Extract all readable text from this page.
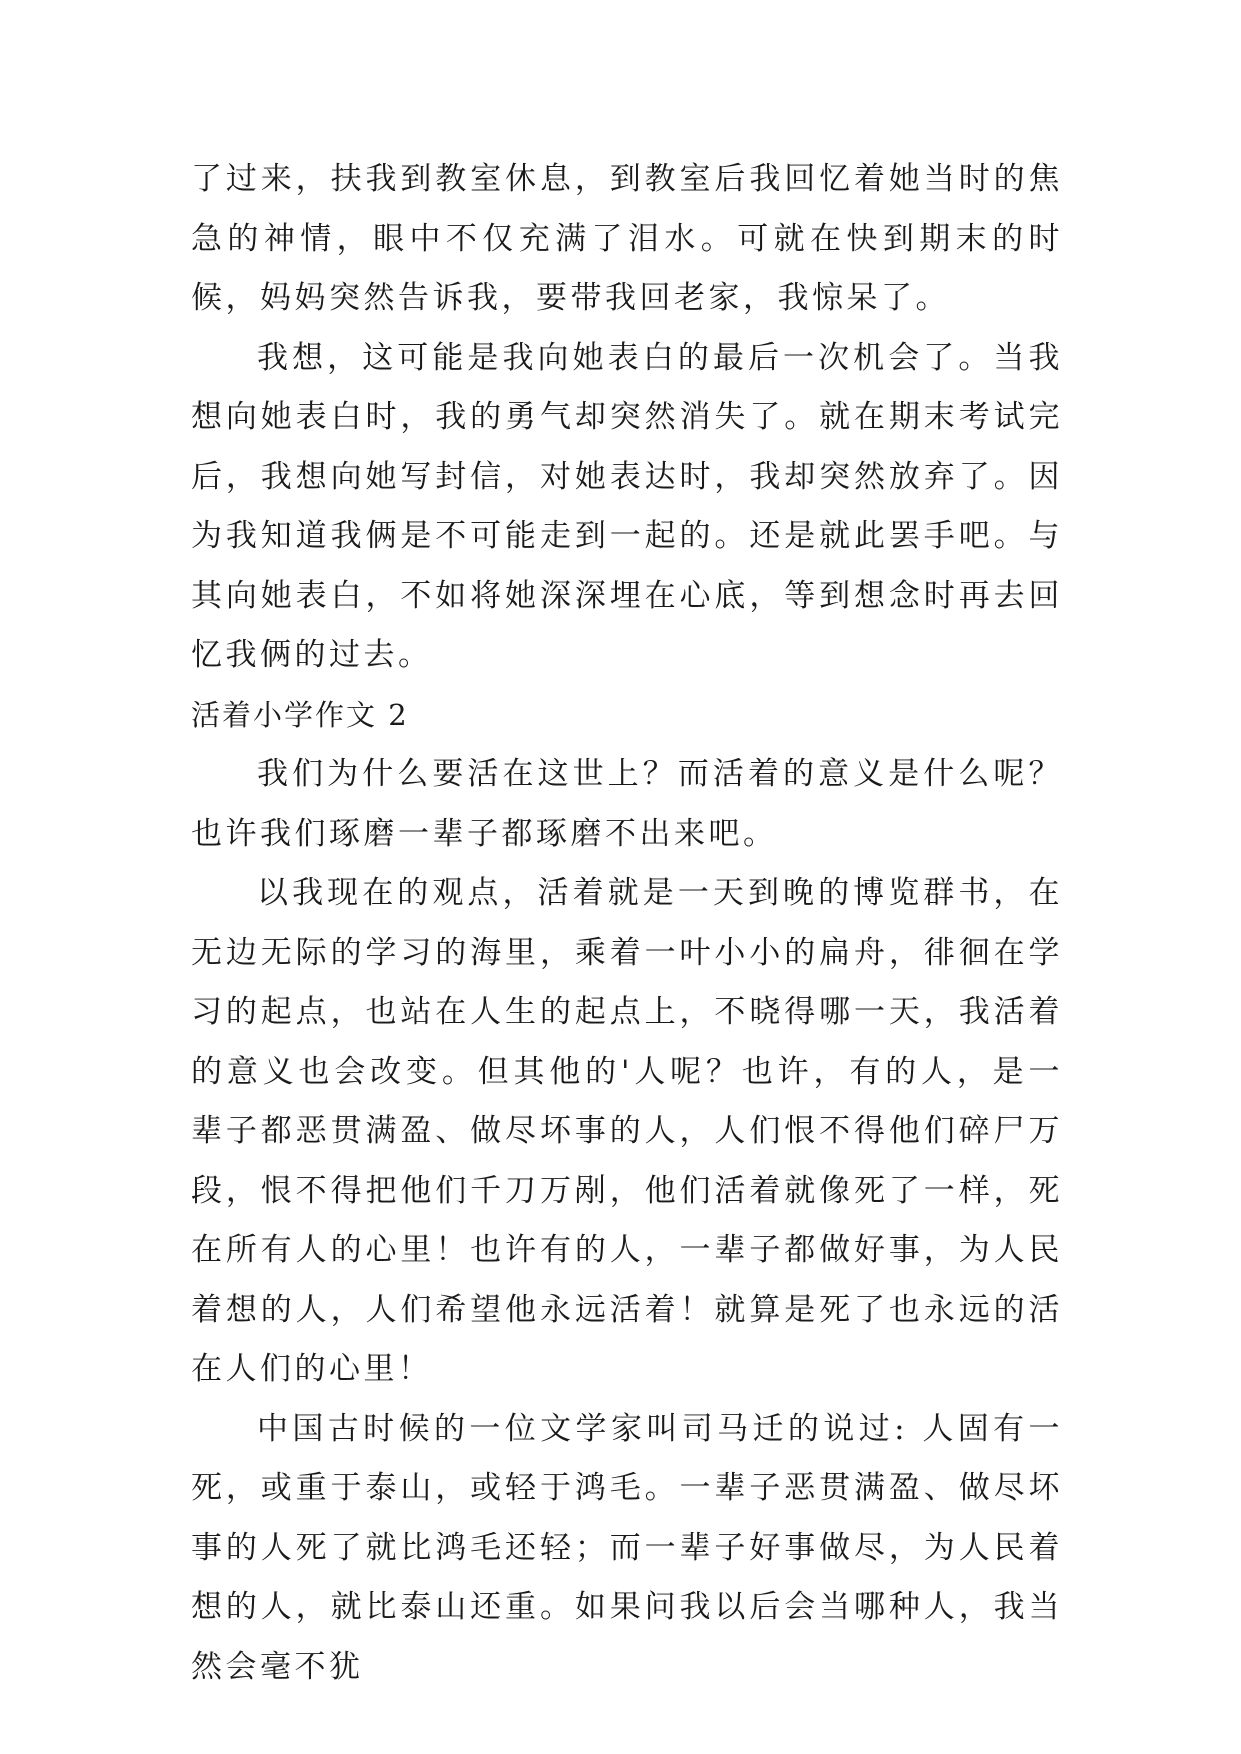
了过来，扶我到教室休息，到教室后我回忆着她当时的焦急的神情，眼中不仅充满了泪水。可就在快到期末的时候，妈妈突然告诉我，要带我回老家，我惊呆了。

我想，这可能是我向她表白的最后一次机会了。当我想向她表白时，我的勇气却突然消失了。就在期末考试完后，我想向她写封信，对她表达时，我却突然放弃了。因为我知道我俩是不可能走到一起的。还是就此罢手吧。与其向她表白，不如将她深深埋在心底，等到想念时再去回忆我俩的过去。

活着小学作文 2

我们为什么要活在这世上？而活着的意义是什么呢？也许我们琢磨一辈子都琢磨不出来吧。

以我现在的观点，活着就是一天到晚的博览群书，在无边无际的学习的海里，乘着一叶小小的扁舟，徘徊在学习的起点，也站在人生的起点上，不晓得哪一天，我活着的意义也会改变。但其他的'人呢？也许，有的人，是一辈子都恶贯满盈、做尽坏事的人，人们恨不得他们碎尸万段，恨不得把他们千刀万剐，他们活着就像死了一样，死在所有人的心里！也许有的人，一辈子都做好事，为人民着想的人，人们希望他永远活着！就算是死了也永远的活在人们的心里！

中国古时候的一位文学家叫司马迁的说过: 人固有一死，或重于泰山，或轻于鸿毛。一辈子恶贯满盈、做尽坏事的人死了就比鸿毛还轻；而一辈子好事做尽，为人民着想的人，就比泰山还重。如果问我以后会当哪种人，我当然会毫不犹
